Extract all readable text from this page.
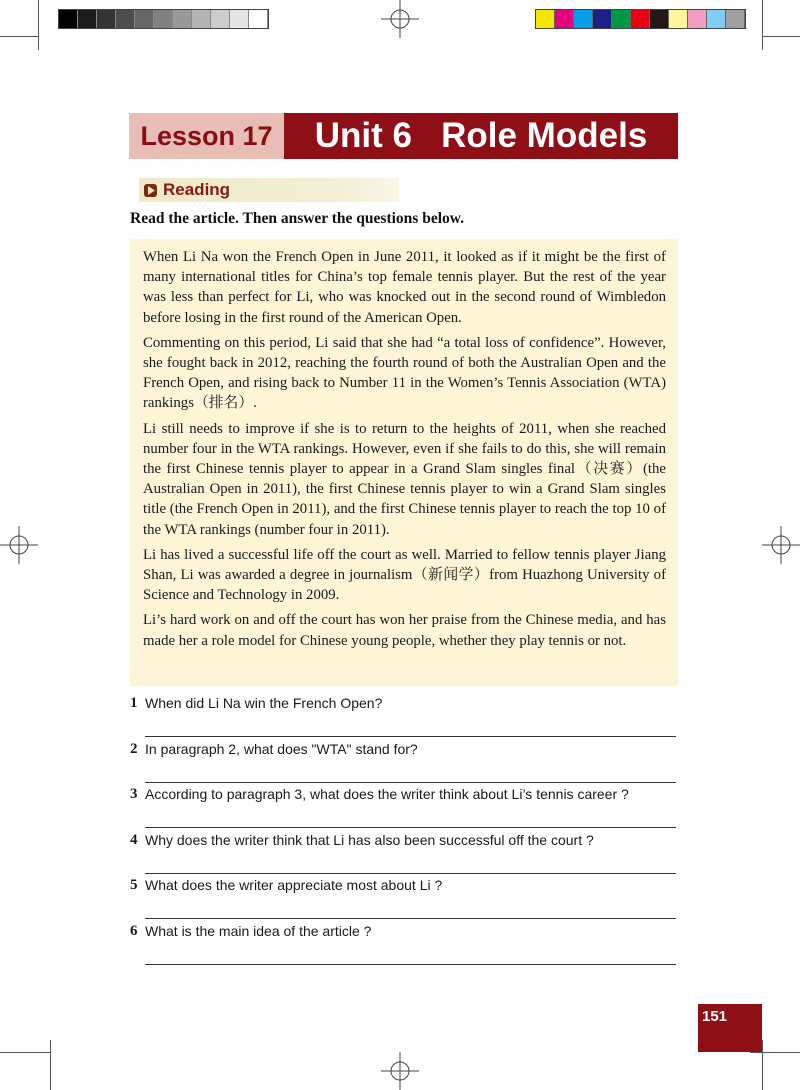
Lesson 17 Unit 6   Role Models
Reading
Read the article. Then answer the questions below.

When Li Na won the French Open in June 2011, it looked as if it might be the first of many international titles for China’s top female tennis player. But the rest of the year was less than perfect for Li, who was knocked out in the second round of Wimbledon before losing in the first round of the American Open.

Commenting on this period, Li said that she had “a total loss of confidence”. However, she fought back in 2012, reaching the fourth round of both the Australian Open and the French Open, and rising back to Number 11 in the Women’s Tennis Association (WTA) rankings（排名）.

Li still needs to improve if she is to return to the heights of 2011, when she reached number four in the WTA rankings. However, even if she fails to do this, she will remain the first Chinese tennis player to appear in a Grand Slam singles final（决赛）(the Australian Open in 2011), the first Chinese tennis player to win a Grand Slam singles title (the French Open in 2011), and the first Chinese tennis player to reach the top 10 of the WTA rankings (number four in 2011).

Li has lived a successful life off the court as well. Married to fellow tennis player Jiang Shan, Li was awarded a degree in journalism（新闻学）from Huazhong University of Science and Technology in 2009.

Li’s hard work on and off the court has won her praise from the Chinese media, and has made her a role model for Chinese young people, whether they play tennis or not.

1 When did Li Na win the French Open?
2 In paragraph 2, what does "WTA" stand for?
3 According to paragraph 3, what does the writer think about Li’s tennis career ?
4 Why does the writer think that Li has also been successful off the court ?
5 What does the writer appreciate most about Li ?
6 What is the main idea of the article ?
151
